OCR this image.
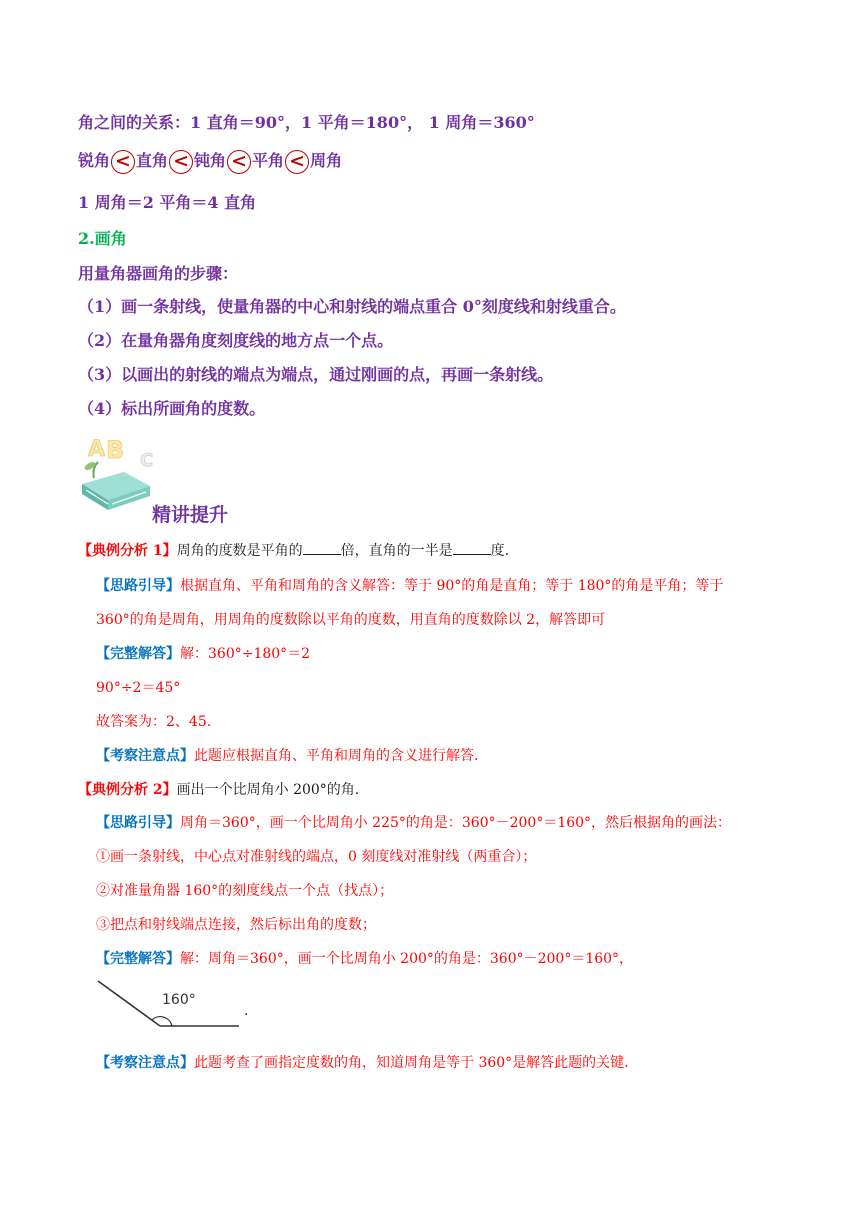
角之间的关系：1 直角＝90°，1 平角＝180°， 1 周角＝360°
锐角 < 直角 < 钝角 < 平角 < 周角
1 周角＝2 平角＝4 直角
2.画角
用量角器画角的步骤：
（1）画一条射线，使量角器的中心和射线的端点重合 0°刻度线和射线重合。
（2）在量角器角度刻度线的地方点一个点。
（3）以画出的射线的端点为端点，通过刚画的点，再画一条射线。
（4）标出所画角的度数。
A B C
精讲提升
【典例分析 1】周角的度数是平角的	倍，直角的一半是	度.
【思路引导】根据直角、平角和周角的含义解答：等于 90°的角是直角；等于 180°的角是平角；等于
360°的角是周角，用周角的度数除以平角的度数，用直角的度数除以 2，解答即可
【完整解答】解：360°÷180°＝2
90°÷2＝45°
故答案为：2、45.
【考察注意点】此题应根据直角、平角和周角的含义进行解答.
【典例分析 2】画出一个比周角小 200°的角.
【思路引导】周角＝360°，画一个比周角小 225°的角是：360°－200°＝160°，然后根据角的画法：
①画一条射线，中心点对准射线的端点，0 刻度线对准射线（两重合）；
②对准量角器 160°的刻度线点一个点（找点）；
③把点和射线端点连接，然后标出角的度数；
【完整解答】解：周角＝360°，画一个比周角小 200°的角是：360°－200°＝160°，
160°
.
【考察注意点】此题考查了画指定度数的角，知道周角是等于 360°是解答此题的关键.
